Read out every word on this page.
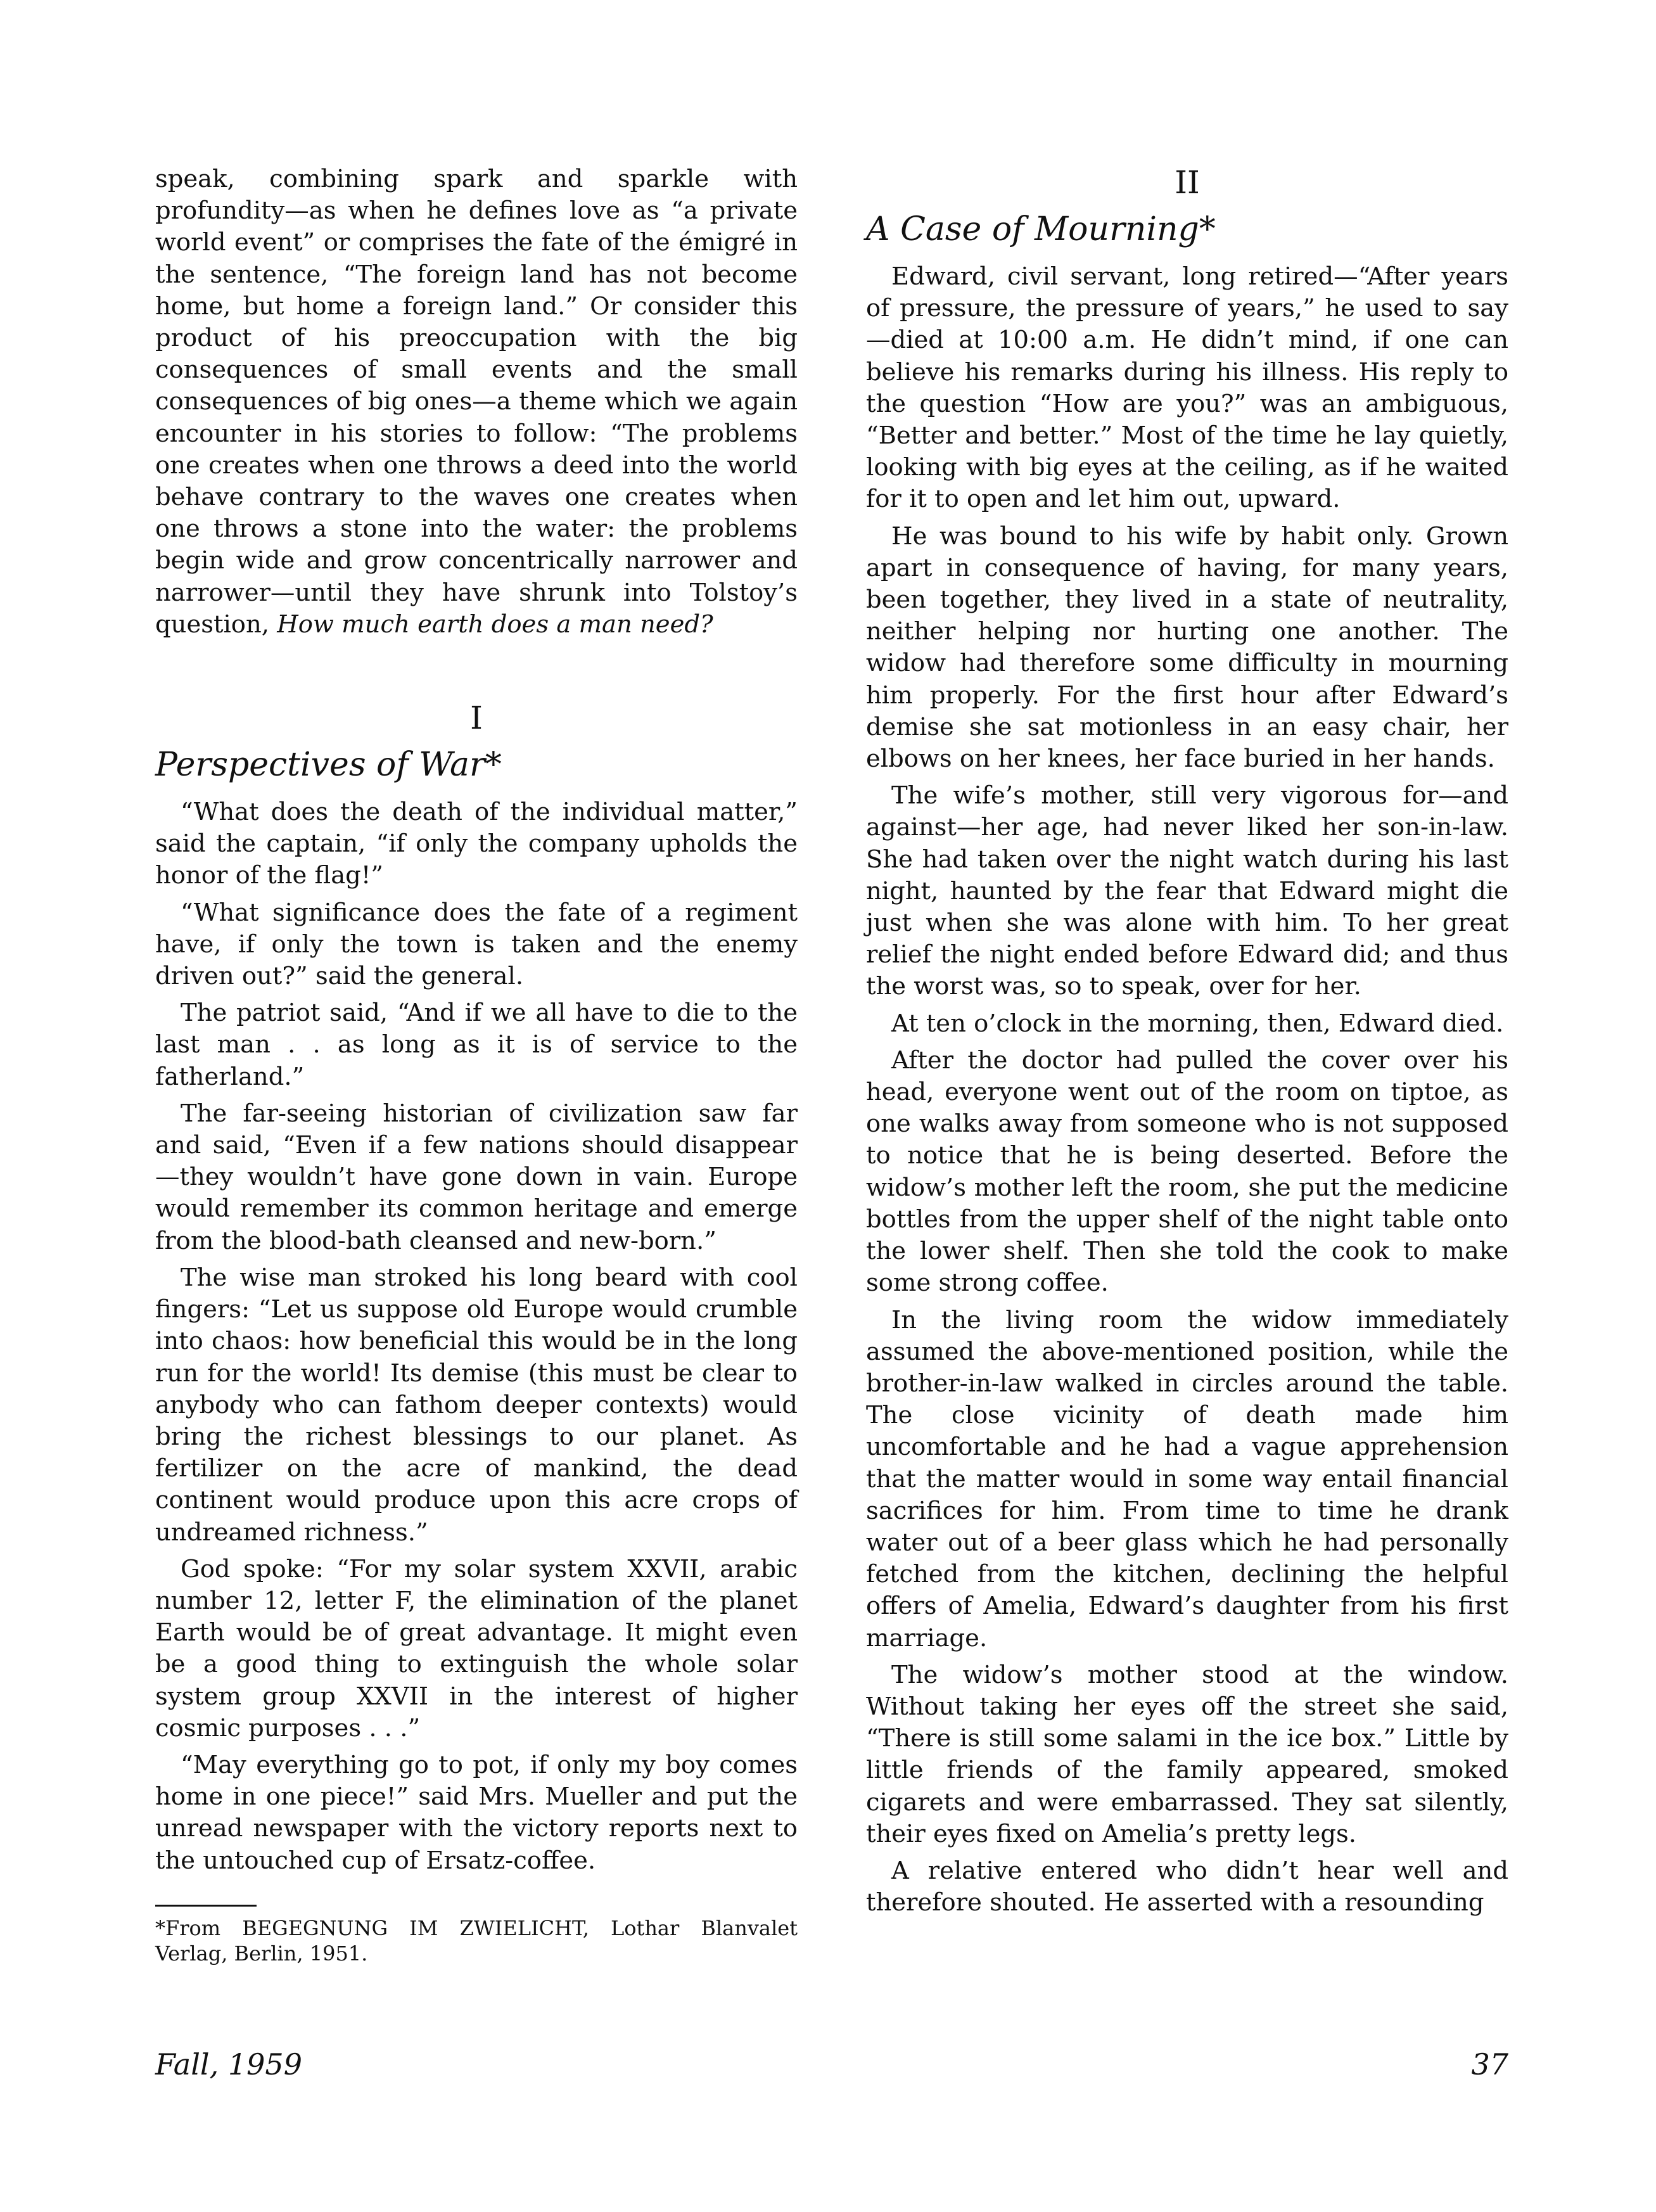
speak, combining spark and sparkle with profundity—as when he defines love as “a private world event” or comprises the fate of the émigré in the sentence, “The foreign land has not become home, but home a foreign land.” Or consider this product of his preoccupation with the big consequences of small events and the small consequences of big ones—a theme which we again encounter in his stories to follow: “The problems one creates when one throws a deed into the world behave contrary to the waves one creates when one throws a stone into the water: the problems begin wide and grow concentrically narrower and narrower—until they have shrunk into Tolstoy’s question, How much earth does a man need?

I
Perspectives of War*

“What does the death of the individual matter,” said the captain, “if only the company upholds the honor of the flag!”

“What significance does the fate of a regiment have, if only the town is taken and the enemy driven out?” said the general.

The patriot said, “And if we all have to die to the last man . . as long as it is of service to the fatherland.”

The far-seeing historian of civilization saw far and said, “Even if a few nations should disappear —they wouldn’t have gone down in vain. Europe would remember its common heritage and emerge from the blood-bath cleansed and new-born.”

The wise man stroked his long beard with cool fingers: “Let us suppose old Europe would crumble into chaos: how beneficial this would be in the long run for the world! Its demise (this must be clear to anybody who can fathom deeper contexts) would bring the richest blessings to our planet. As fertilizer on the acre of mankind, the dead continent would produce upon this acre crops of undreamed richness.”

God spoke: “For my solar system XXVII, arabic number 12, letter F, the elimination of the planet Earth would be of great advantage. It might even be a good thing to extinguish the whole solar system group XXVII in the interest of higher cosmic purposes . . .”

“May everything go to pot, if only my boy comes home in one piece!” said Mrs. Mueller and put the unread newspaper with the victory reports next to the untouched cup of Ersatz-coffee.

*From BEGEGNUNG IM ZWIELICHT, Lothar Blanvalet Verlag, Berlin, 1951.
II
A Case of Mourning*

Edward, civil servant, long retired—“After years of pressure, the pressure of years,” he used to say—died at 10:00 a.m. He didn’t mind, if one can believe his remarks during his illness. His reply to the question “How are you?” was an ambiguous, “Better and better.” Most of the time he lay quietly, looking with big eyes at the ceiling, as if he waited for it to open and let him out, upward.

He was bound to his wife by habit only. Grown apart in consequence of having, for many years, been together, they lived in a state of neutrality, neither helping nor hurting one another. The widow had therefore some difficulty in mourning him properly. For the first hour after Edward’s demise she sat motionless in an easy chair, her elbows on her knees, her face buried in her hands.

The wife’s mother, still very vigorous for—and against—her age, had never liked her son-in-law. She had taken over the night watch during his last night, haunted by the fear that Edward might die just when she was alone with him. To her great relief the night ended before Edward did; and thus the worst was, so to speak, over for her.

At ten o’clock in the morning, then, Edward died.

After the doctor had pulled the cover over his head, everyone went out of the room on tiptoe, as one walks away from someone who is not supposed to notice that he is being deserted. Before the widow’s mother left the room, she put the medicine bottles from the upper shelf of the night table onto the lower shelf. Then she told the cook to make some strong coffee.

In the living room the widow immediately assumed the above-mentioned position, while the brother-in-law walked in circles around the table. The close vicinity of death made him uncomfortable and he had a vague apprehension that the matter would in some way entail financial sacrifices for him. From time to time he drank water out of a beer glass which he had personally fetched from the kitchen, declining the helpful offers of Amelia, Edward’s daughter from his first marriage.

The widow’s mother stood at the window. Without taking her eyes off the street she said, “There is still some salami in the ice box.” Little by little friends of the family appeared, smoked cigarets and were embarrassed. They sat silently, their eyes fixed on Amelia’s pretty legs.

A relative entered who didn’t hear well and therefore shouted. He asserted with a resounding

Fall, 1959	37
